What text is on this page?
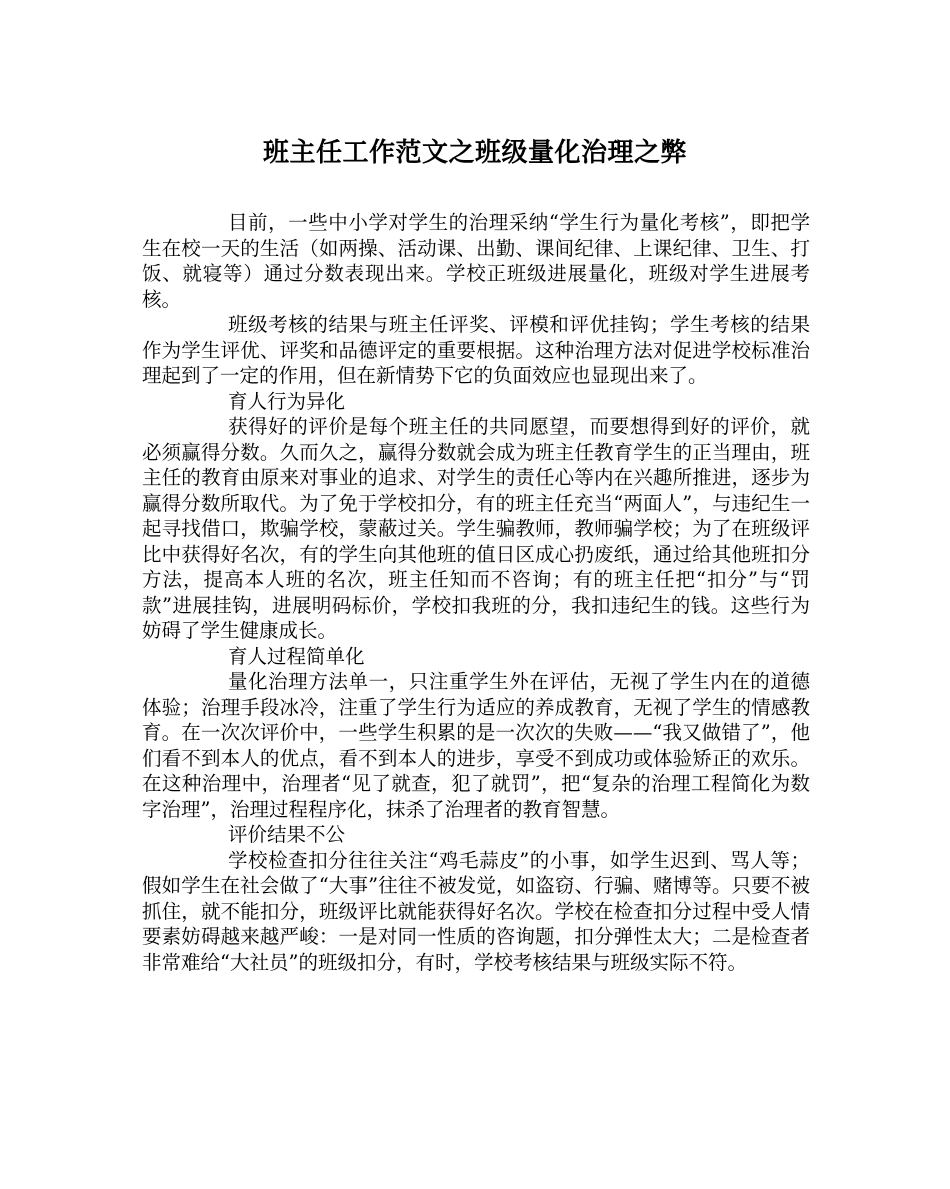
班主任工作范文之班级量化治理之弊

目前，一些中小学对学生的治理采纳“学生行为量化考核”，即把学生在校一天的生活（如两操、活动课、出勤、课间纪律、上课纪律、卫生、打饭、就寝等）通过分数表现出来。学校正班级进展量化，班级对学生进展考核。

班级考核的结果与班主任评奖、评模和评优挂钩；学生考核的结果作为学生评优、评奖和品德评定的重要根据。这种治理方法对促进学校标准治理起到了一定的作用，但在新情势下它的负面效应也显现出来了。

育人行为异化

获得好的评价是每个班主任的共同愿望，而要想得到好的评价，就必须赢得分数。久而久之，赢得分数就会成为班主任教育学生的正当理由，班主任的教育由原来对事业的追求、对学生的责任心等内在兴趣所推进，逐步为赢得分数所取代。为了免于学校扣分，有的班主任充当“两面人”，与违纪生一起寻找借口，欺骗学校，蒙蔽过关。学生骗教师，教师骗学校；为了在班级评比中获得好名次，有的学生向其他班的值日区成心扔废纸，通过给其他班扣分方法，提高本人班的名次，班主任知而不咨询；有的班主任把“扣分”与“罚款”进展挂钩，进展明码标价，学校扣我班的分，我扣违纪生的钱。这些行为妨碍了学生健康成长。

育人过程简单化

量化治理方法单一，只注重学生外在评估，无视了学生内在的道德体验；治理手段冰冷，注重了学生行为适应的养成教育，无视了学生的情感教育。在一次次评价中，一些学生积累的是一次次的失败——“我又做错了”，他们看不到本人的优点，看不到本人的进步，享受不到成功或体验矫正的欢乐。在这种治理中，治理者“见了就查，犯了就罚”，把“复杂的治理工程简化为数字治理”，治理过程程序化，抹杀了治理者的教育智慧。

评价结果不公

学校检查扣分往往关注“鸡毛蒜皮”的小事，如学生迟到、骂人等；假如学生在社会做了“大事”往往不被发觉，如盗窃、行骗、赌博等。只要不被抓住，就不能扣分，班级评比就能获得好名次。学校在检查扣分过程中受人情要素妨碍越来越严峻：一是对同一性质的咨询题，扣分弹性太大；二是检查者非常难给“大社员”的班级扣分，有时，学校考核结果与班级实际不符。
